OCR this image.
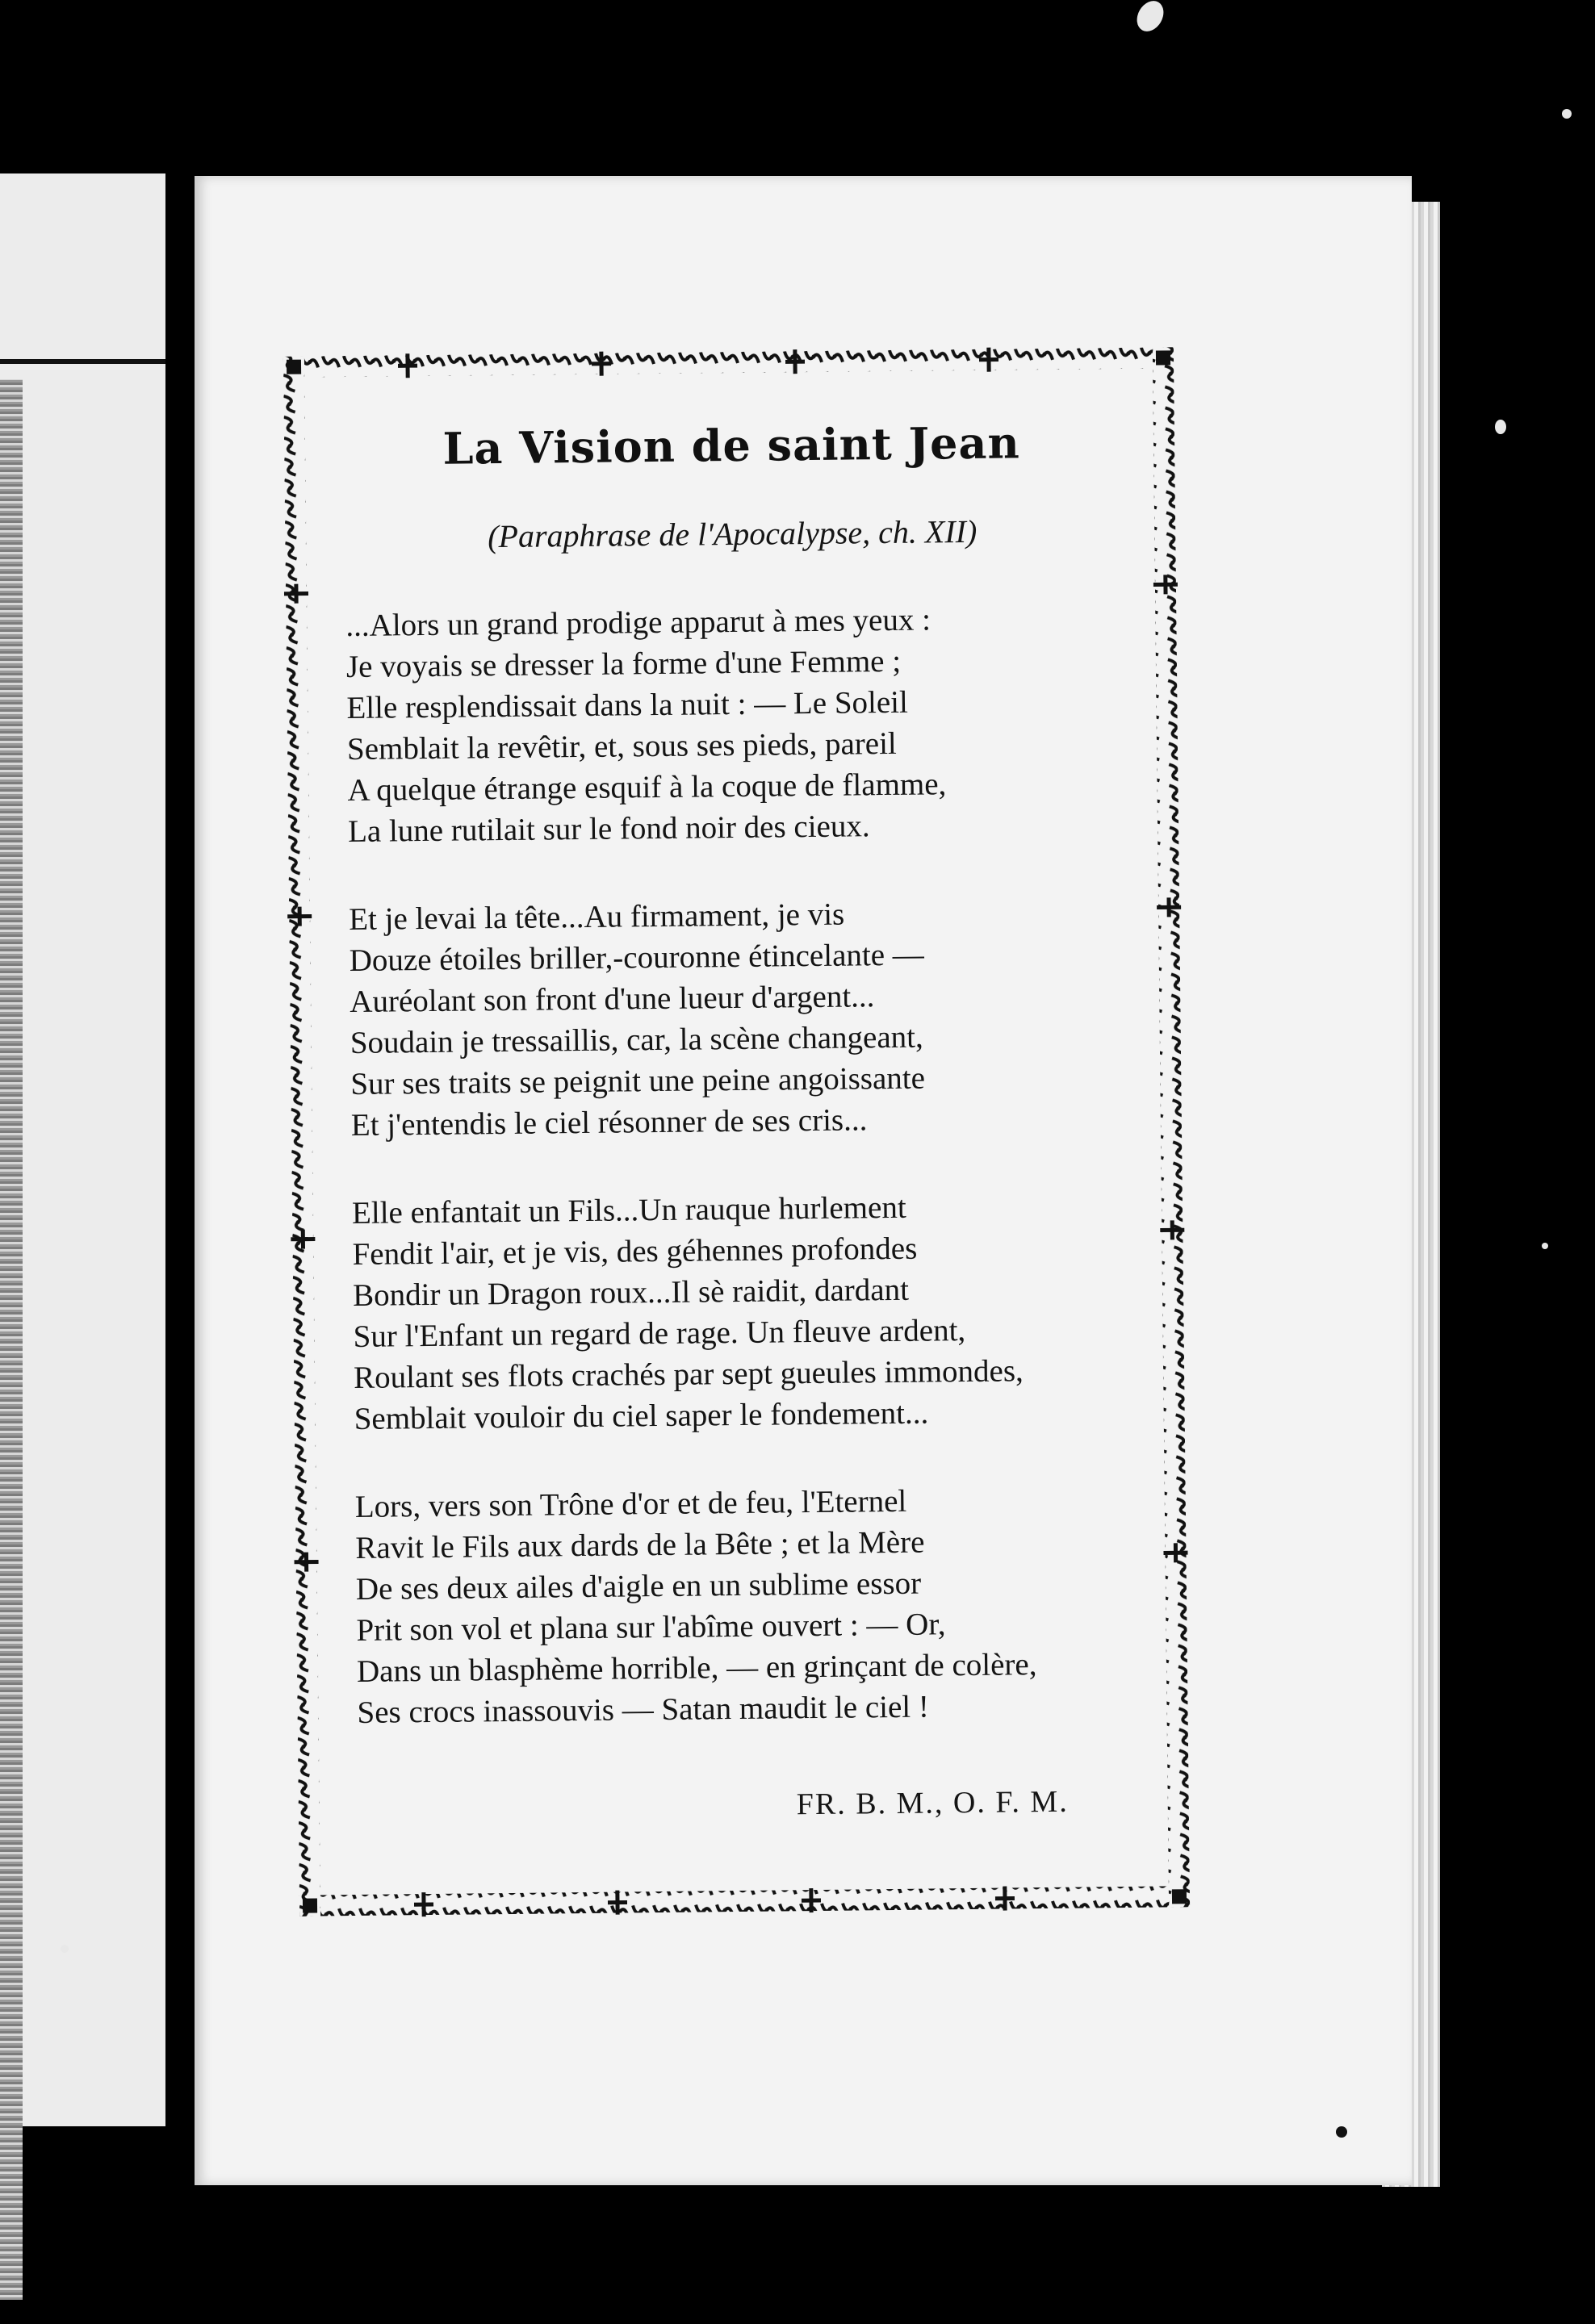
La Vision de saint Jean
(Paraphrase de l'Apocalypse, ch. XII)
...Alors un grand prodige apparut à mes yeux :
Je voyais se dresser la forme d'une Femme ;
Elle resplendissait dans la nuit : — Le Soleil
Semblait la revêtir, et, sous ses pieds, pareil
A quelque étrange esquif à la coque de flamme,
La lune rutilait sur le fond noir des cieux.
Et je levai la tête...Au firmament, je vis
Douze étoiles briller,-couronne étincelante —
Auréolant son front d'une lueur d'argent...
Soudain je tressaillis, car, la scène changeant,
Sur ses traits se peignit une peine angoissante
Et j'entendis le ciel résonner de ses cris...
Elle enfantait un Fils...Un rauque hurlement
Fendit l'air, et je vis, des géhennes profondes
Bondir un Dragon roux...Il sè raidit, dardant
Sur l'Enfant un regard de rage. Un fleuve ardent,
Roulant ses flots crachés par sept gueules immondes,
Semblait vouloir du ciel saper le fondement...
Lors, vers son Trône d'or et de feu, l'Eternel
Ravit le Fils aux dards de la Bête ; et la Mère
De ses deux ailes d'aigle en un sublime essor
Prit son vol et plana sur l'abîme ouvert : — Or,
Dans un blasphème horrible, — en grinçant de colère,
Ses crocs inassouvis — Satan maudit le ciel !
FR. B. M., O. F. M.
